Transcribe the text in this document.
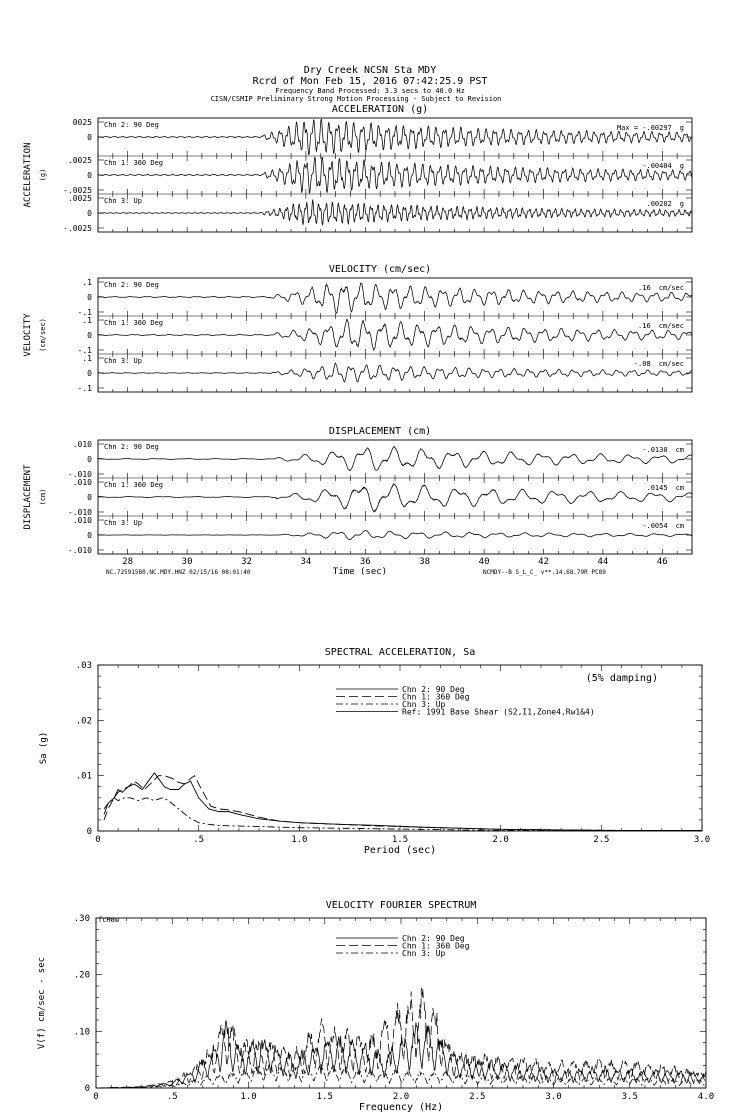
Dry Creek NCSN Sta MDY
Rcrd of Mon Feb 15, 2016 07:42:25.9 PST
Frequency Band Processed: 3.3 secs to 40.0 Hz
CISN/CSMIP Preliminary Strong Motion Processing - Subject to Revision
ACCELERATION (g)
ACCELERATION (g)
0025
0
Chn 2: 90 Deg	Max = -.00297 g
.0025
0
-.0025
Chn 1: 360 Deg	-.00404 g
.0025
0
-.0025
Chn 3: Up	.00202 g
VELOCITY (cm/sec)
VELOCITY (cm/sec)
.1
0
-.1
Chn 2: 90 Deg	.16 cm/sec
.1
0
-.1
Chn 1: 360 Deg	.16 cm/sec
.1
0
-.1
Chn 3: Up	-.08 cm/sec
DISPLACEMENT (cm)
DISPLACEMENT (cm)
.010
0
-.010
Chn 2: 90 Deg	-.0130 cm
.010
0
-.010
Chn 1: 360 Deg	.0145 cm
.010
0
-.010
Chn 3: Up	-.0054 cm
28	30	32	34	36	38	40	42	44	46
Time (sec)
NC.72591580.NC.MDY.HNZ 02/15/16 08:01:40	NCMDY--B S_L_C_ v**.14.68.79R PC89
SPECTRAL ACCELERATION, Sa
0	.5	1.0	1.5	2.0	2.5	3.0
0
.01
.02
.03
Period (sec)
Sa (g)
Chn 2: 90 Deg
Chn 1: 360 Deg
Chn 3: Up
Ref: 1991 Base Shear (S2,I1,Zone4,Rw1&4)
(5% damping)
VELOCITY FOURIER SPECTRUM
0	.5	1.0	1.5	2.0	2.5	3.0	3.5	4.0
0
.10
.20
.30
Frequency (Hz)
V(f) cm/sec - sec
Chn 2: 90 Deg
Chn 1: 360 Deg
Chn 3: Up
fcHaw
